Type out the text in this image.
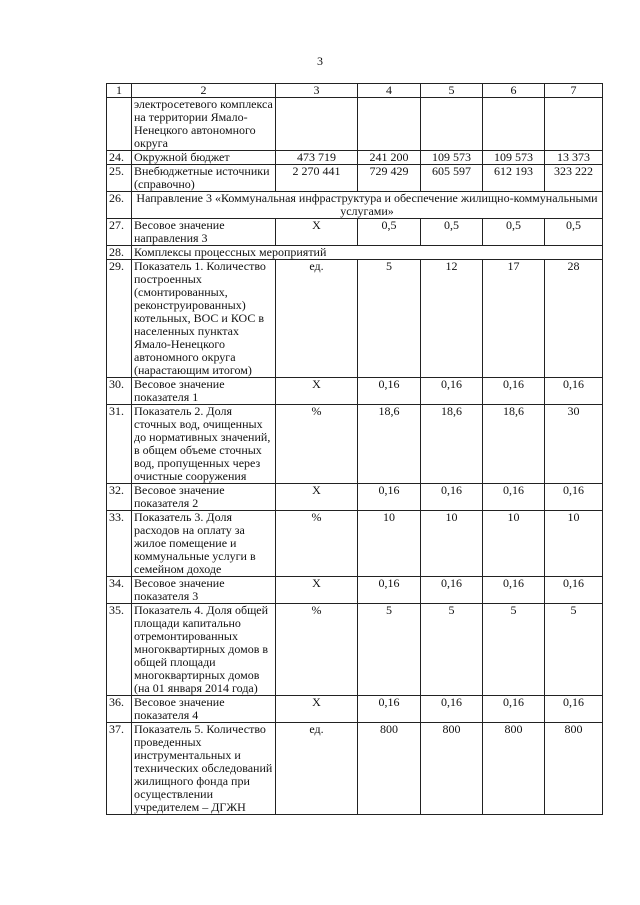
3
1	2	3	4	5	6	7
	электросетевого комплекса на территории Ямало-Ненецкого автономного округа					
24.	Окружной бюджет	473 719	241 200	109 573	109 573	13 373
25.	Внебюджетные источники (справочно)	2 270 441	729 429	605 597	612 193	323 222
26.	Направление 3 «Коммунальная инфраструктура и обеспечение жилищно-коммунальными услугами»					
27.	Весовое значение направления 3	X	0,5	0,5	0,5	0,5
28.	Комплексы процессных мероприятий					
29.	Показатель 1. Количество построенных (смонтированных, реконструированных) котельных, ВОС и КОС в населенных пунктах Ямало-Ненецкого автономного округа (нарастающим итогом)	ед.	5	12	17	28
30.	Весовое значение показателя 1	X	0,16	0,16	0,16	0,16
31.	Показатель 2. Доля сточных вод, очищенных до нормативных значений, в общем объеме сточных вод, пропущенных через очистные сооружения	%	18,6	18,6	18,6	30
32.	Весовое значение показателя 2	X	0,16	0,16	0,16	0,16
33.	Показатель 3. Доля расходов на оплату за жилое помещение и коммунальные услуги в семейном доходе	%	10	10	10	10
34.	Весовое значение показателя 3	X	0,16	0,16	0,16	0,16
35.	Показатель 4. Доля общей площади капитально отремонтированных многоквартирных домов в общей площади многоквартирных домов (на 01 января 2014 года)	%	5	5	5	5
36.	Весовое значение показателя 4	X	0,16	0,16	0,16	0,16
37.	Показатель 5. Количество проведенных инструментальных и технических обследований жилищного фонда при осуществлении учредителем – ДГЖН	ед.	800	800	800	800
